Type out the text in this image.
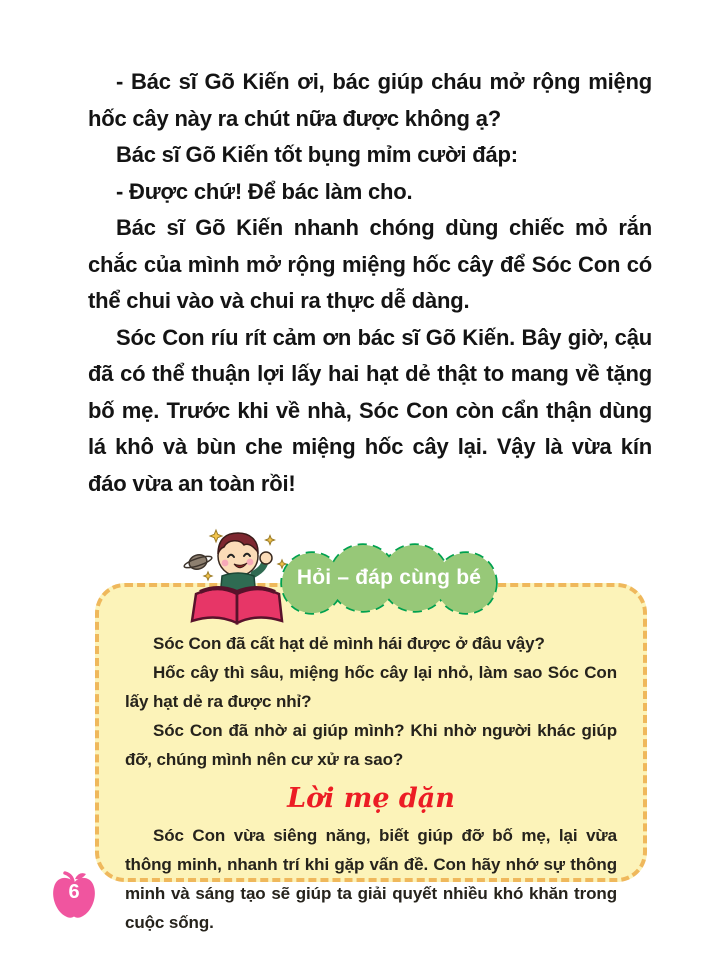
- Bác sĩ Gõ Kiến ơi, bác giúp cháu mở rộng miệng hốc cây này ra chút nữa được không ạ?

Bác sĩ Gõ Kiến tốt bụng mỉm cười đáp:

- Được chứ! Để bác làm cho.

Bác sĩ Gõ Kiến nhanh chóng dùng chiếc mỏ rắn chắc của mình mở rộng miệng hốc cây để Sóc Con có thể chui vào và chui ra thực dễ dàng.

Sóc Con ríu rít cảm ơn bác sĩ Gõ Kiến. Bây giờ, cậu đã có thể thuận lợi lấy hai hạt dẻ thật to mang về tặng bố mẹ. Trước khi về nhà, Sóc Con còn cẩn thận dùng lá khô và bùn che miệng hốc cây lại. Vậy là vừa kín đáo vừa an toàn rồi!

Sóc Con đã cất hạt dẻ mình hái được ở đâu vậy?

Hốc cây thì sâu, miệng hốc cây lại nhỏ, làm sao Sóc Con lấy hạt dẻ ra được nhỉ?

Sóc Con đã nhờ ai giúp mình? Khi nhờ người khác giúp đỡ, chúng mình nên cư xử ra sao?

Lời mẹ dặn

Sóc Con vừa siêng năng, biết giúp đỡ bố mẹ, lại vừa thông minh, nhanh trí khi gặp vấn đề. Con hãy nhớ sự thông minh và sáng tạo sẽ giúp ta giải quyết nhiều khó khăn trong cuộc sống.

Hỏi – đáp cùng bé
6
